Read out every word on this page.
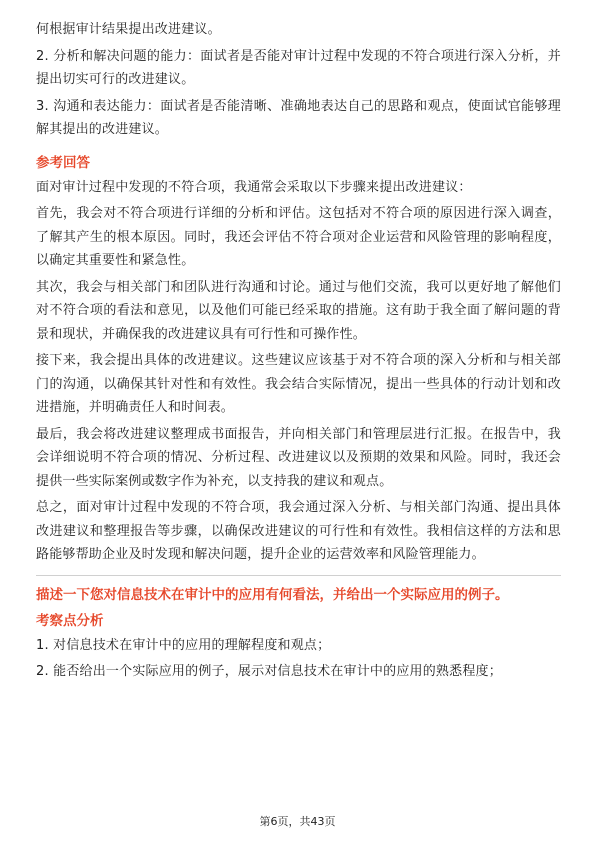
何根据审计结果提出改进建议。

2. 分析和解决问题的能力：面试者是否能对审计过程中发现的不符合项进行深入分析，并提出切实可行的改进建议。

3. 沟通和表达能力：面试者是否能清晰、准确地表达自己的思路和观点，使面试官能够理解其提出的改进建议。

参考回答

面对审计过程中发现的不符合项，我通常会采取以下步骤来提出改进建议：

首先，我会对不符合项进行详细的分析和评估。这包括对不符合项的原因进行深入调查，了解其产生的根本原因。同时，我还会评估不符合项对企业运营和风险管理的影响程度，以确定其重要性和紧急性。

其次，我会与相关部门和团队进行沟通和讨论。通过与他们交流，我可以更好地了解他们对不符合项的看法和意见，以及他们可能已经采取的措施。这有助于我全面了解问题的背景和现状，并确保我的改进建议具有可行性和可操作性。

接下来，我会提出具体的改进建议。这些建议应该基于对不符合项的深入分析和与相关部门的沟通，以确保其针对性和有效性。我会结合实际情况，提出一些具体的行动计划和改进措施，并明确责任人和时间表。

最后，我会将改进建议整理成书面报告，并向相关部门和管理层进行汇报。在报告中，我会详细说明不符合项的情况、分析过程、改进建议以及预期的效果和风险。同时，我还会提供一些实际案例或数字作为补充，以支持我的建议和观点。

总之，面对审计过程中发现的不符合项，我会通过深入分析、与相关部门沟通、提出具体改进建议和整理报告等步骤，以确保改进建议的可行性和有效性。我相信这样的方法和思路能够帮助企业及时发现和解决问题，提升企业的运营效率和风险管理能力。

描述一下您对信息技术在审计中的应用有何看法，并给出一个实际应用的例子。
考察点分析

1. 对信息技术在审计中的应用的理解程度和观点；

2. 能否给出一个实际应用的例子，展示对信息技术在审计中的应用的熟悉程度；

第6页，共43页
